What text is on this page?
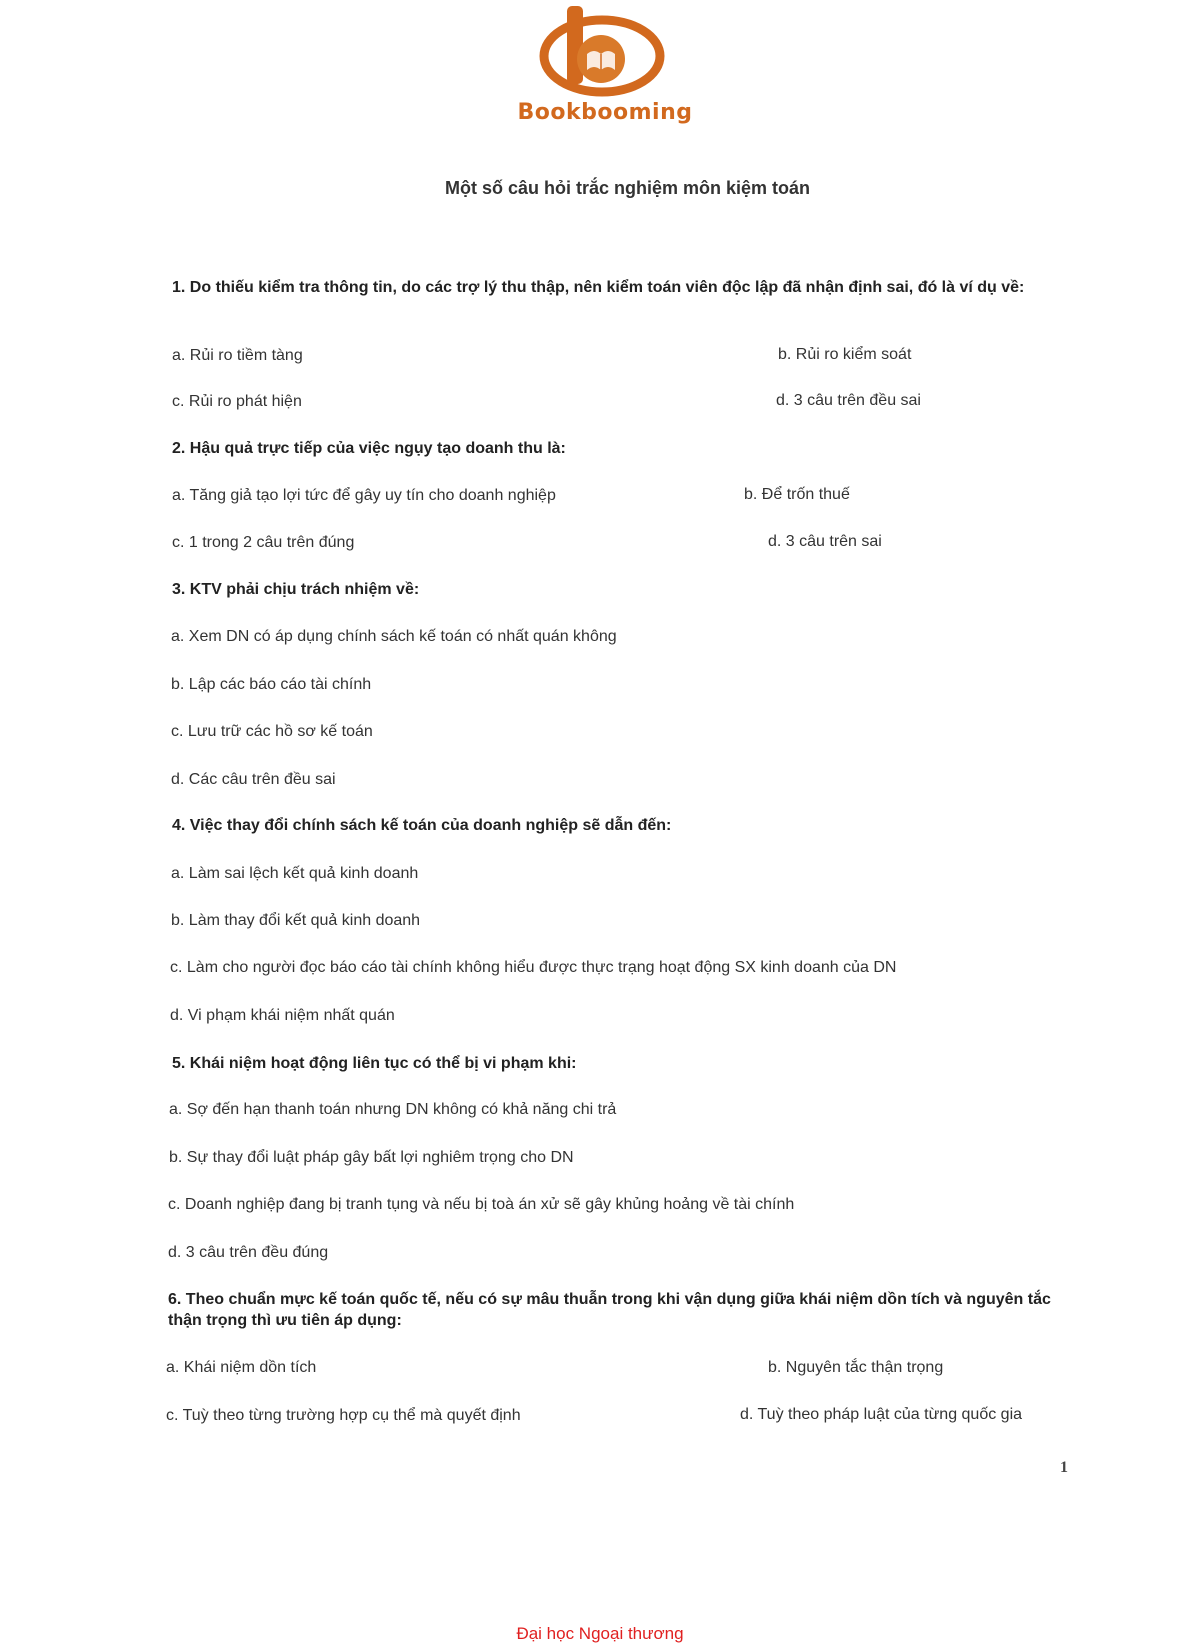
Bookbooming
Một số câu hỏi trắc nghiệm môn kiệm toán
1. Do thiếu kiểm tra thông tin, do các trợ lý thu thập, nên kiểm toán viên độc lập đã nhận định sai, đó là ví dụ về:
a. Rủi ro tiềm tàng	b. Rủi ro kiểm soát
c. Rủi ro phát hiện	d. 3 câu trên đều sai
2. Hậu quả trực tiếp của việc ngụy tạo doanh thu là:
a. Tăng giả tạo lợi tức để gây uy tín cho doanh nghiệp	b. Để trốn thuế
c. 1 trong 2 câu trên đúng	d. 3 câu trên sai
3. KTV phải chịu trách nhiệm về:
a. Xem DN có áp dụng chính sách kế toán có nhất quán không
b. Lập các báo cáo tài chính
c. Lưu trữ các hồ sơ kế toán
d. Các câu trên đều sai
4. Việc thay đổi chính sách kế toán của doanh nghiệp sẽ dẫn đến:
a. Làm sai lệch kết quả kinh doanh
b. Làm thay đổi kết quả kinh doanh
c. Làm cho người đọc báo cáo tài chính không hiểu được thực trạng hoạt động SX kinh doanh của DN
d. Vi phạm khái niệm nhất quán
5. Khái niệm hoạt động liên tục có thể bị vi phạm khi:
a. Sợ đến hạn thanh toán nhưng DN không có khả năng chi trả
b. Sự thay đổi luật pháp gây bất lợi nghiêm trọng cho DN
c. Doanh nghiệp đang bị tranh tụng và nếu bị toà án xử sẽ gây khủng hoảng về tài chính
d. 3 câu trên đều đúng
6. Theo chuẩn mực kế toán quốc tế, nếu có sự mâu thuẫn trong khi vận dụng giữa khái niệm dồn tích và nguyên tắc thận trọng thì ưu tiên áp dụng:
a. Khái niệm dồn tích	b. Nguyên tắc thận trọng
c. Tuỳ theo từng trường hợp cụ thể mà quyết định	d. Tuỳ theo pháp luật của từng quốc gia
1
Đại học Ngoại thương
